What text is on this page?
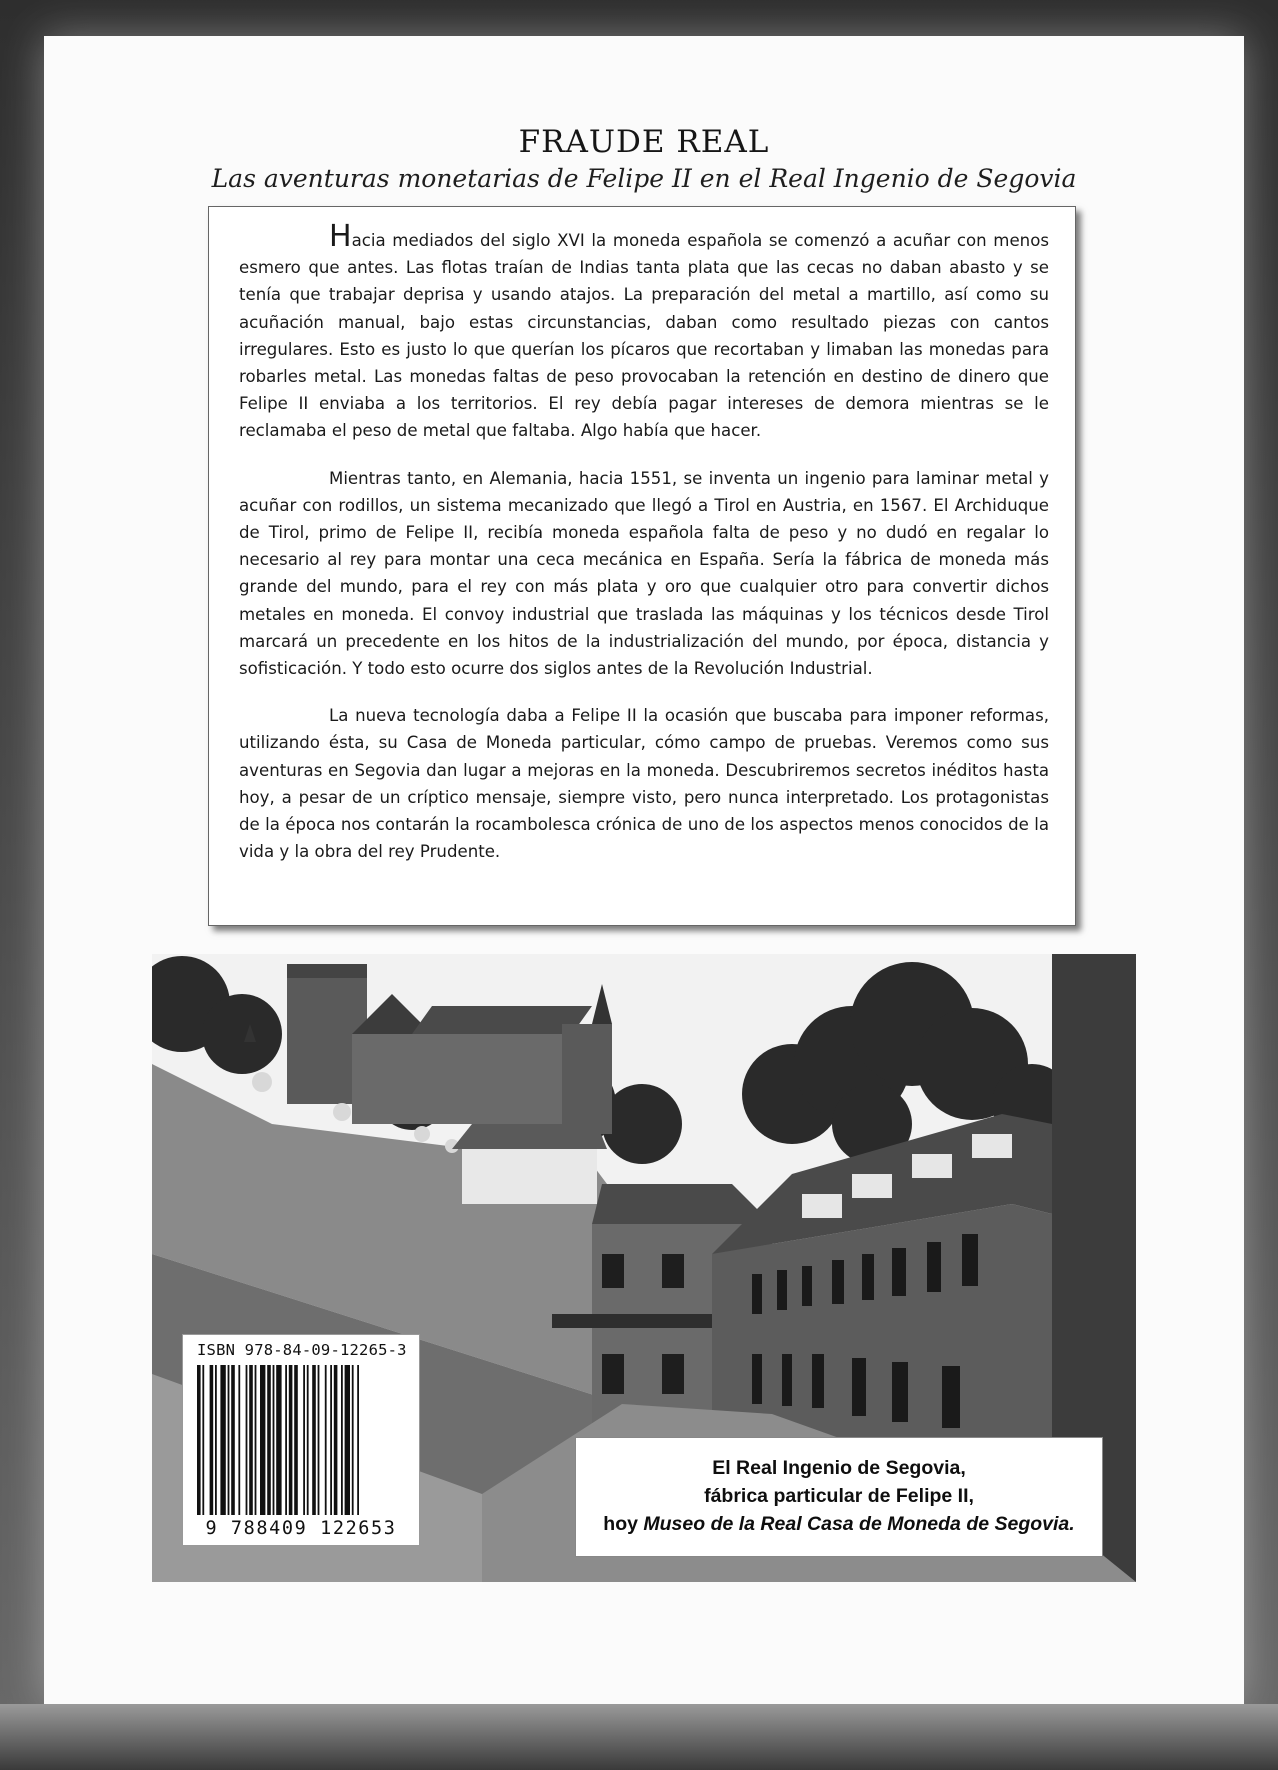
FRAUDE REAL
Las aventuras monetarias de Felipe II en el Real Ingenio de Segovia

Hacia mediados del siglo XVI la moneda española se comenzó a acuñar con menos esmero que antes. Las flotas traían de Indias tanta plata que las cecas no daban abasto y se tenía que trabajar deprisa y usando atajos. La preparación del metal a martillo, así como su acuñación manual, bajo estas circunstancias, daban como resultado piezas con cantos irregulares. Esto es justo lo que querían los pícaros que recortaban y limaban las monedas para robarles metal. Las monedas faltas de peso provocaban la retención en destino de dinero que Felipe II enviaba a los territorios. El rey debía pagar intereses de demora mientras se le reclamaba el peso de metal que faltaba. Algo había que hacer.

Mientras tanto, en Alemania, hacia 1551, se inventa un ingenio para laminar metal y acuñar con rodillos, un sistema mecanizado que llegó a Tirol en Austria, en 1567. El Archiduque de Tirol, primo de Felipe II, recibía moneda española falta de peso y no dudó en regalar lo necesario al rey para montar una ceca mecánica en España. Sería la fábrica de moneda más grande del mundo, para el rey con más plata y oro que cualquier otro para convertir dichos metales en moneda. El convoy industrial que traslada las máquinas y los técnicos desde Tirol marcará un precedente en los hitos de la industrialización del mundo, por época, distancia y sofisticación. Y todo esto ocurre dos siglos antes de la Revolución Industrial.

La nueva tecnología daba a Felipe II la ocasión que buscaba para imponer reformas, utilizando ésta, su Casa de Moneda particular, cómo campo de pruebas. Veremos como sus aventuras en Segovia dan lugar a mejoras en la moneda. Descubriremos secretos inéditos hasta hoy, a pesar de un críptico mensaje, siempre visto, pero nunca interpretado. Los protagonistas de la época nos contarán la rocambolesca crónica de uno de los aspectos menos conocidos de la vida y la obra del rey Prudente.

ISBN 978-84-09-12265-3
9 788409 122653
El Real Ingenio de Segovia,
fábrica particular de Felipe II,
hoy Museo de la Real Casa de Moneda de Segovia.
